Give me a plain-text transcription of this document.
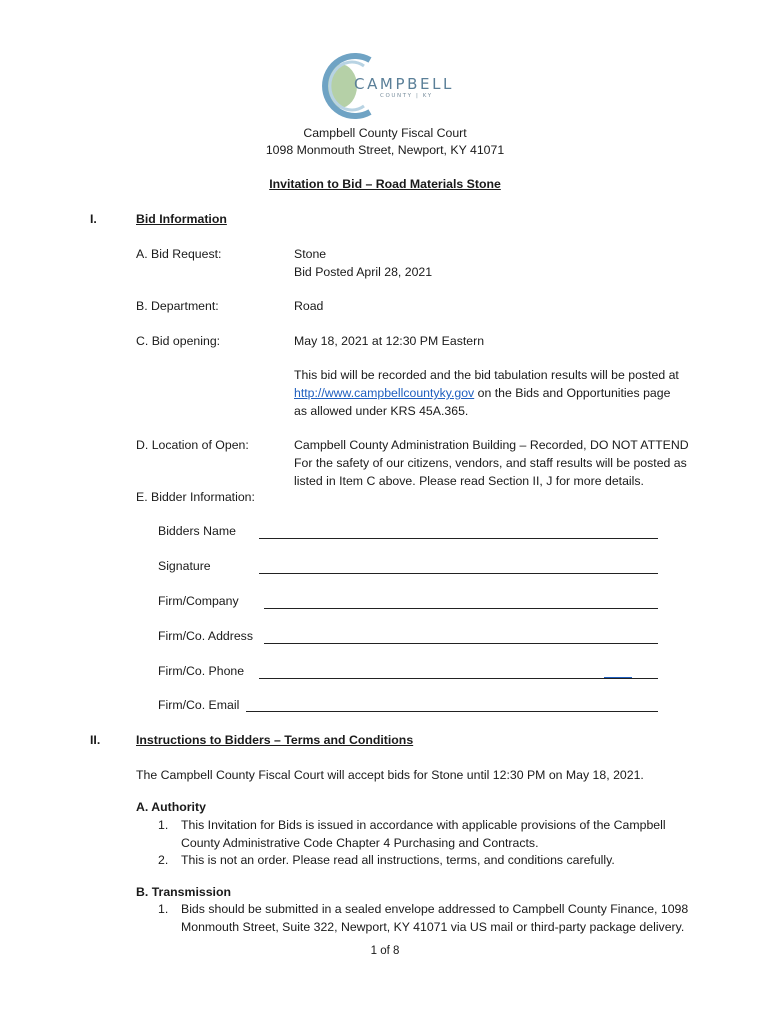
CAMPBELL
COUNTY | KY
Campbell County Fiscal Court
1098 Monmouth Street, Newport, KY 41071
Invitation to Bid – Road Materials Stone
I.	Bid Information
A. Bid Request:	Stone
Bid Posted April 28, 2021
B. Department:	Road
C. Bid opening:	May 18, 2021 at 12:30 PM Eastern
This bid will be recorded and the bid tabulation results will be posted at
http://www.campbellcountyky.gov on the Bids and Opportunities page
as allowed under KRS 45A.365.
D. Location of Open:	Campbell County Administration Building – Recorded, DO NOT ATTEND
For the safety of our citizens, vendors, and staff results will be posted as
listed in Item C above. Please read Section II, J for more details.
E. Bidder Information:
Bidders Name
Signature
Firm/Company
Firm/Co. Address
Firm/Co. Phone
Firm/Co. Email
II.	Instructions to Bidders – Terms and Conditions
The Campbell County Fiscal Court will accept bids for Stone until 12:30 PM on May 18, 2021.
A. Authority
1. This Invitation for Bids is issued in accordance with applicable provisions of the Campbell
County Administrative Code Chapter 4 Purchasing and Contracts.
2. This is not an order. Please read all instructions, terms, and conditions carefully.
B. Transmission
1. Bids should be submitted in a sealed envelope addressed to Campbell County Finance, 1098
Monmouth Street, Suite 322, Newport, KY 41071 via US mail or third-party package delivery.
1 of 8
